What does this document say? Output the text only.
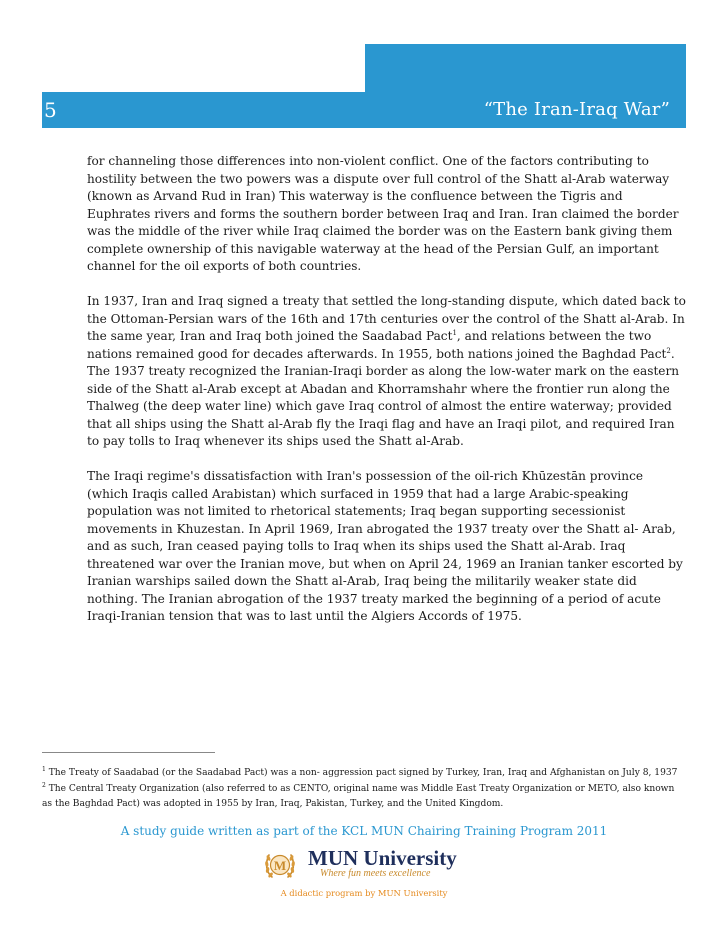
5	“The Iran-Iraq War”

for channeling those differences into non-violent conflict. One of the factors contributing to hostility between the two powers was a dispute over full control of the Shatt al-Arab waterway (known as Arvand Rud in Iran) This waterway is the confluence between the Tigris and Euphrates rivers and forms the southern border between Iraq and Iran. Iran claimed the border was the middle of the river while Iraq claimed the border was on the Eastern bank giving them complete ownership of this navigable waterway at the head of the Persian Gulf, an important channel for the oil exports of both countries.

In 1937, Iran and Iraq signed a treaty that settled the long-standing dispute, which dated back to the Ottoman-Persian wars of the 16th and 17th centuries over the control of the Shatt al-Arab. In the same year, Iran and Iraq both joined the Saadabad Pact$^1$, and relations between the two nations remained good for decades afterwards. In 1955, both nations joined the Baghdad Pact$^2$. The 1937 treaty recognized the Iranian-Iraqi border as along the low-water mark on the eastern side of the Shatt al-Arab except at Abadan and Khorramshahr where the frontier run along the Thalweg (the deep water line) which gave Iraq control of almost the entire waterway; provided that all ships using the Shatt al-Arab fly the Iraqi flag and have an Iraqi pilot, and required Iran to pay tolls to Iraq whenever its ships used the Shatt al-Arab.

The Iraqi regime's dissatisfaction with Iran's possession of the oil-rich Khūzestān province (which Iraqis called Arabistan) which surfaced in 1959 that had a large Arabic-speaking population was not limited to rhetorical statements; Iraq began supporting secessionist movements in Khuzestan. In April 1969, Iran abrogated the 1937 treaty over the Shatt al- Arab, and as such, Iran ceased paying tolls to Iraq when its ships used the Shatt al-Arab. Iraq threatened war over the Iranian move, but when on April 24, 1969 an Iranian tanker escorted by Iranian warships sailed down the Shatt al-Arab, Iraq being the militarily weaker state did nothing. The Iranian abrogation of the 1937 treaty marked the beginning of a period of acute Iraqi-Iranian tension that was to last until the Algiers Accords of 1975.

$^1$ The Treaty of Saadabad (or the Saadabad Pact) was a non- aggression pact signed by Turkey, Iran, Iraq and Afghanistan on July 8, 1937

$^2$ The Central Treaty Organization (also referred to as CENTO, original name was Middle East Treaty Organization or METO, also known as the Baghdad Pact) was adopted in 1955 by Iran, Iraq, Pakistan, Turkey, and the United Kingdom.

A study guide written as part of the KCL MUN Chairing Training Program 2011
M MUN University
Where fun meets excellence
A didactic program by MUN University
